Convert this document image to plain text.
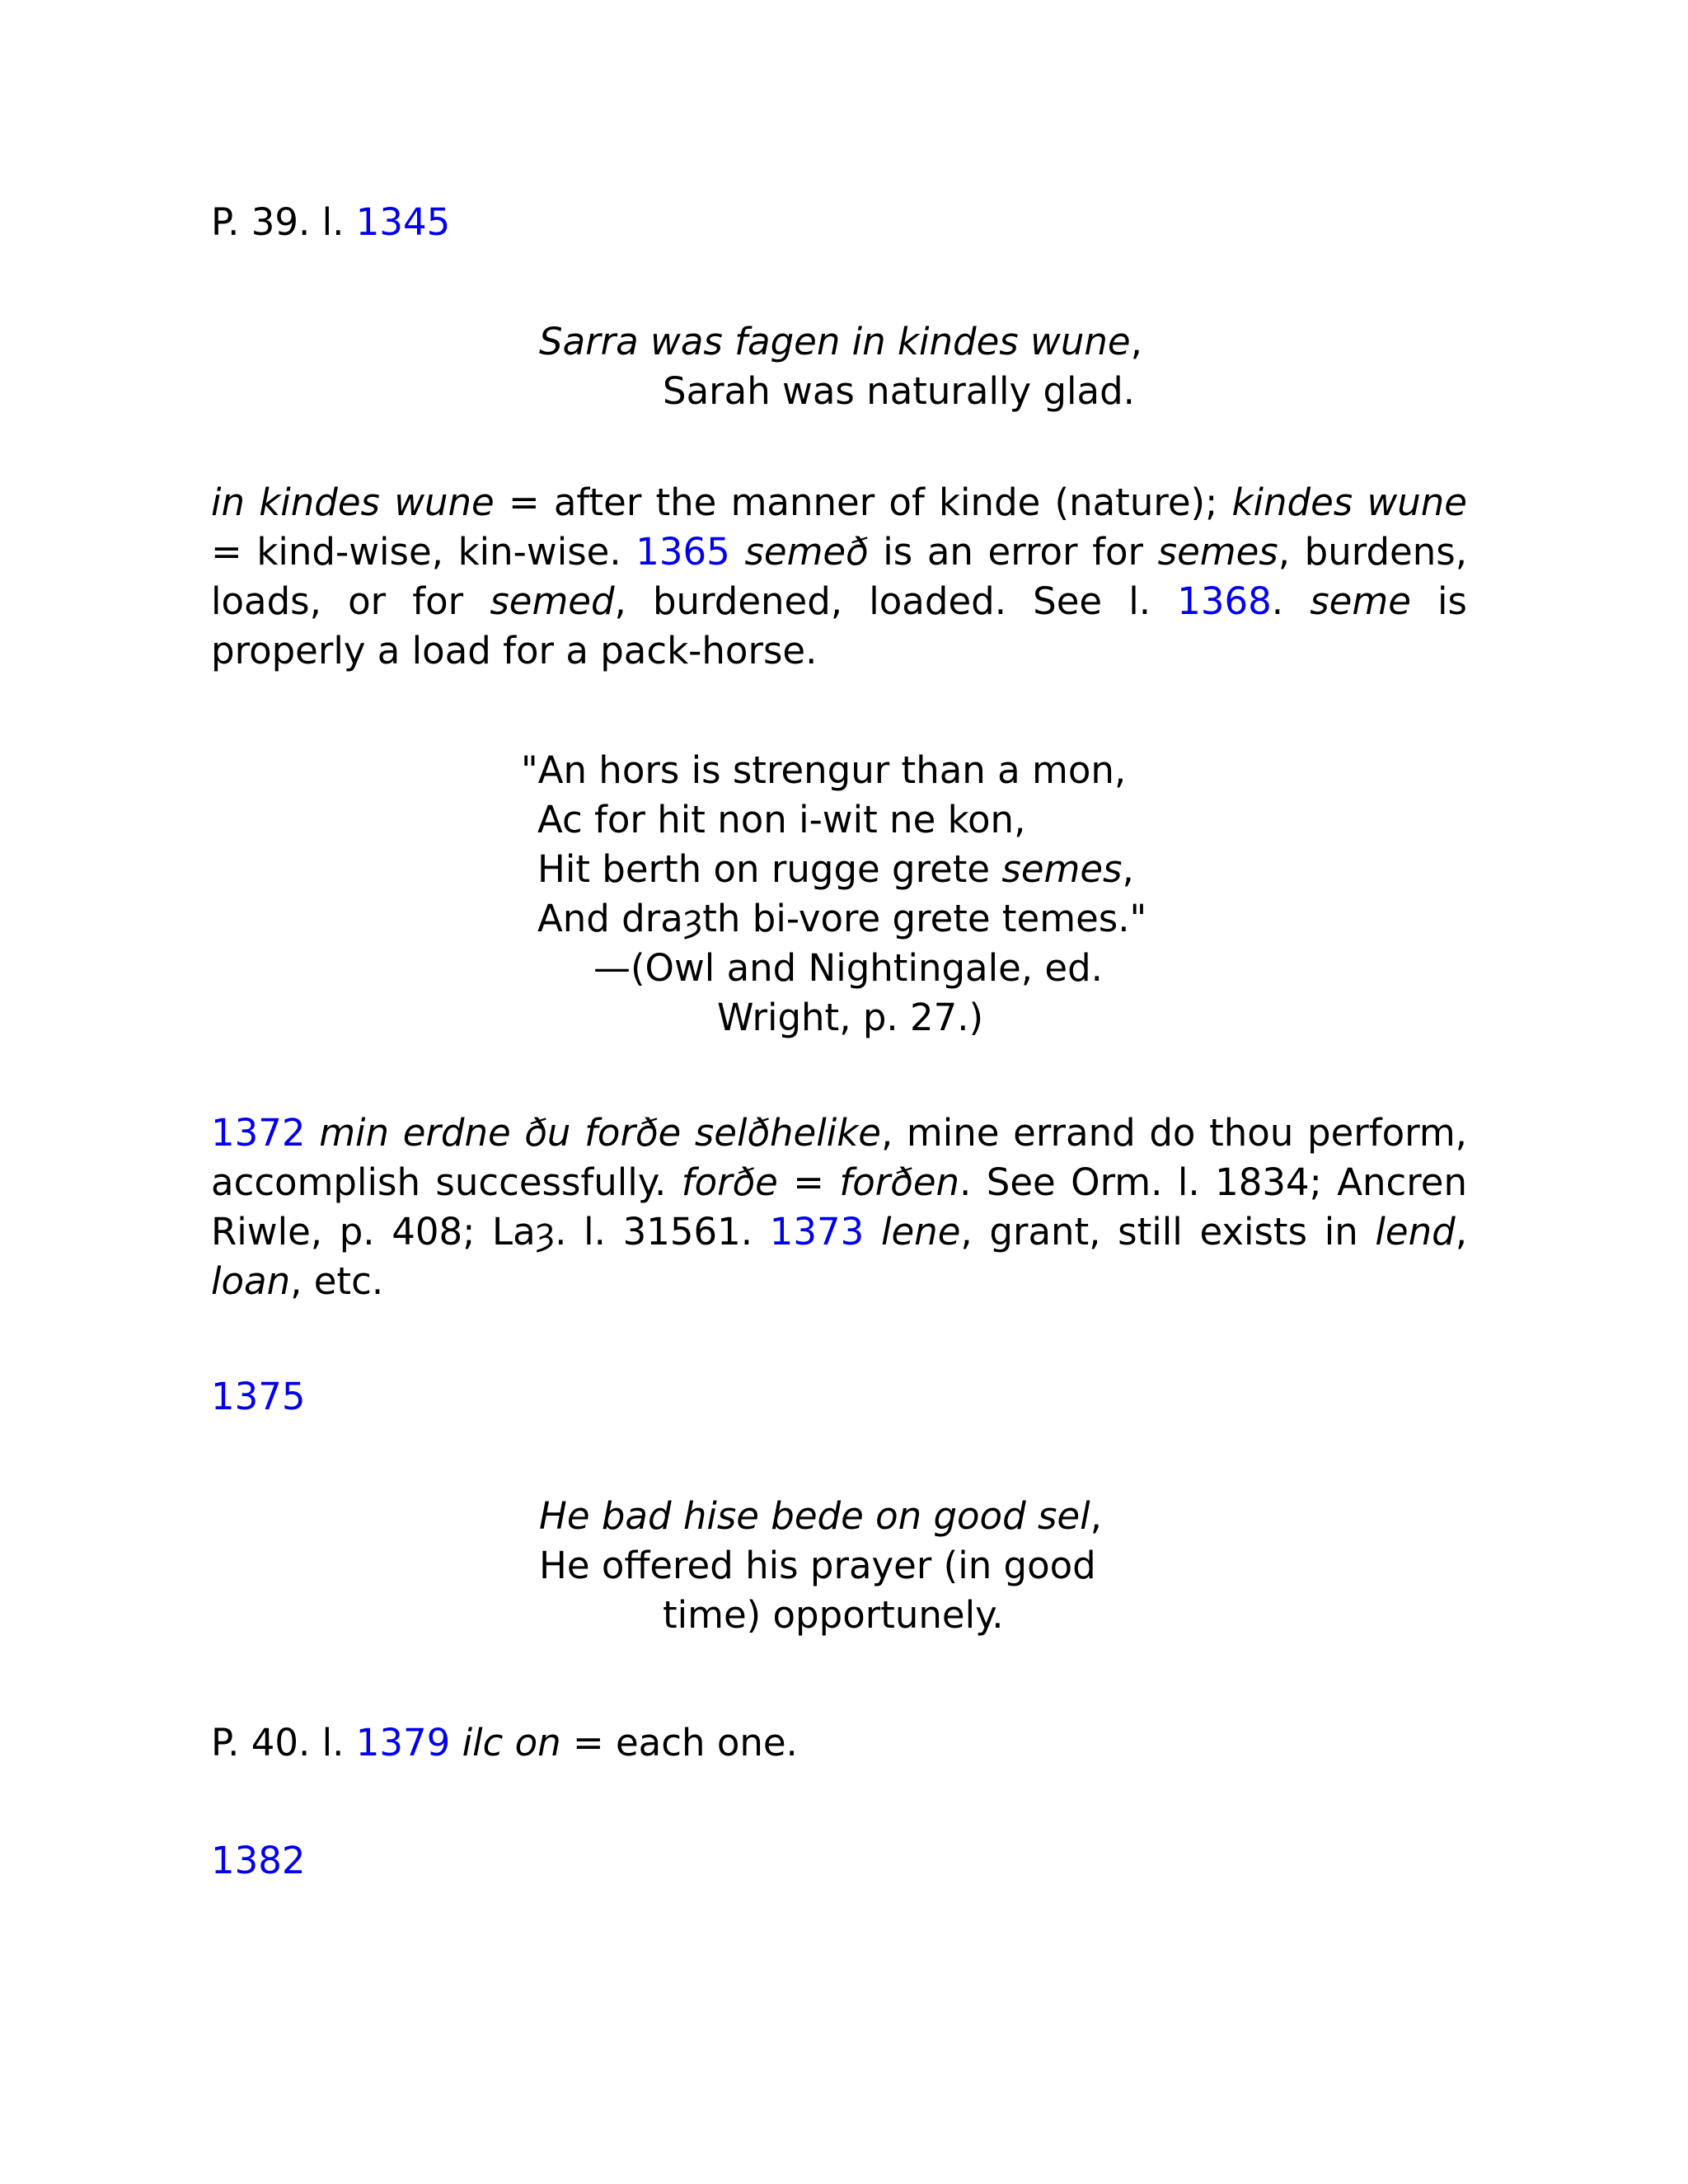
P. 39. l. 1345

Sarra was fagen in kindes wune,
Sarah was naturally glad.

in kindes wune = after the manner of kinde (nature); kindes wune = kind-wise, kin-wise. 1365 semeð is an error for semes, burdens, loads, or for semed, burdened, loaded. See l. 1368. seme is properly a load for a pack-horse.

"An hors is strengur than a mon,
Ac for hit non i-wit ne kon,
Hit berth on rugge grete semes,
And draȝth bi-vore grete temes."
—(Owl and Nightingale, ed.
Wright, p. 27.)

1372 min erdne ðu forðe selðhelike, mine errand do thou perform, accomplish successfully. forðe = forðen. See Orm. l. 1834; Ancren Riwle, p. 408; Laȝ. l. 31561. 1373 lene, grant, still exists in lend, loan, etc.

1375

He bad hise bede on good sel,
He offered his prayer (in good
time) opportunely.

P. 40. l. 1379 ilc on = each one.

1382
